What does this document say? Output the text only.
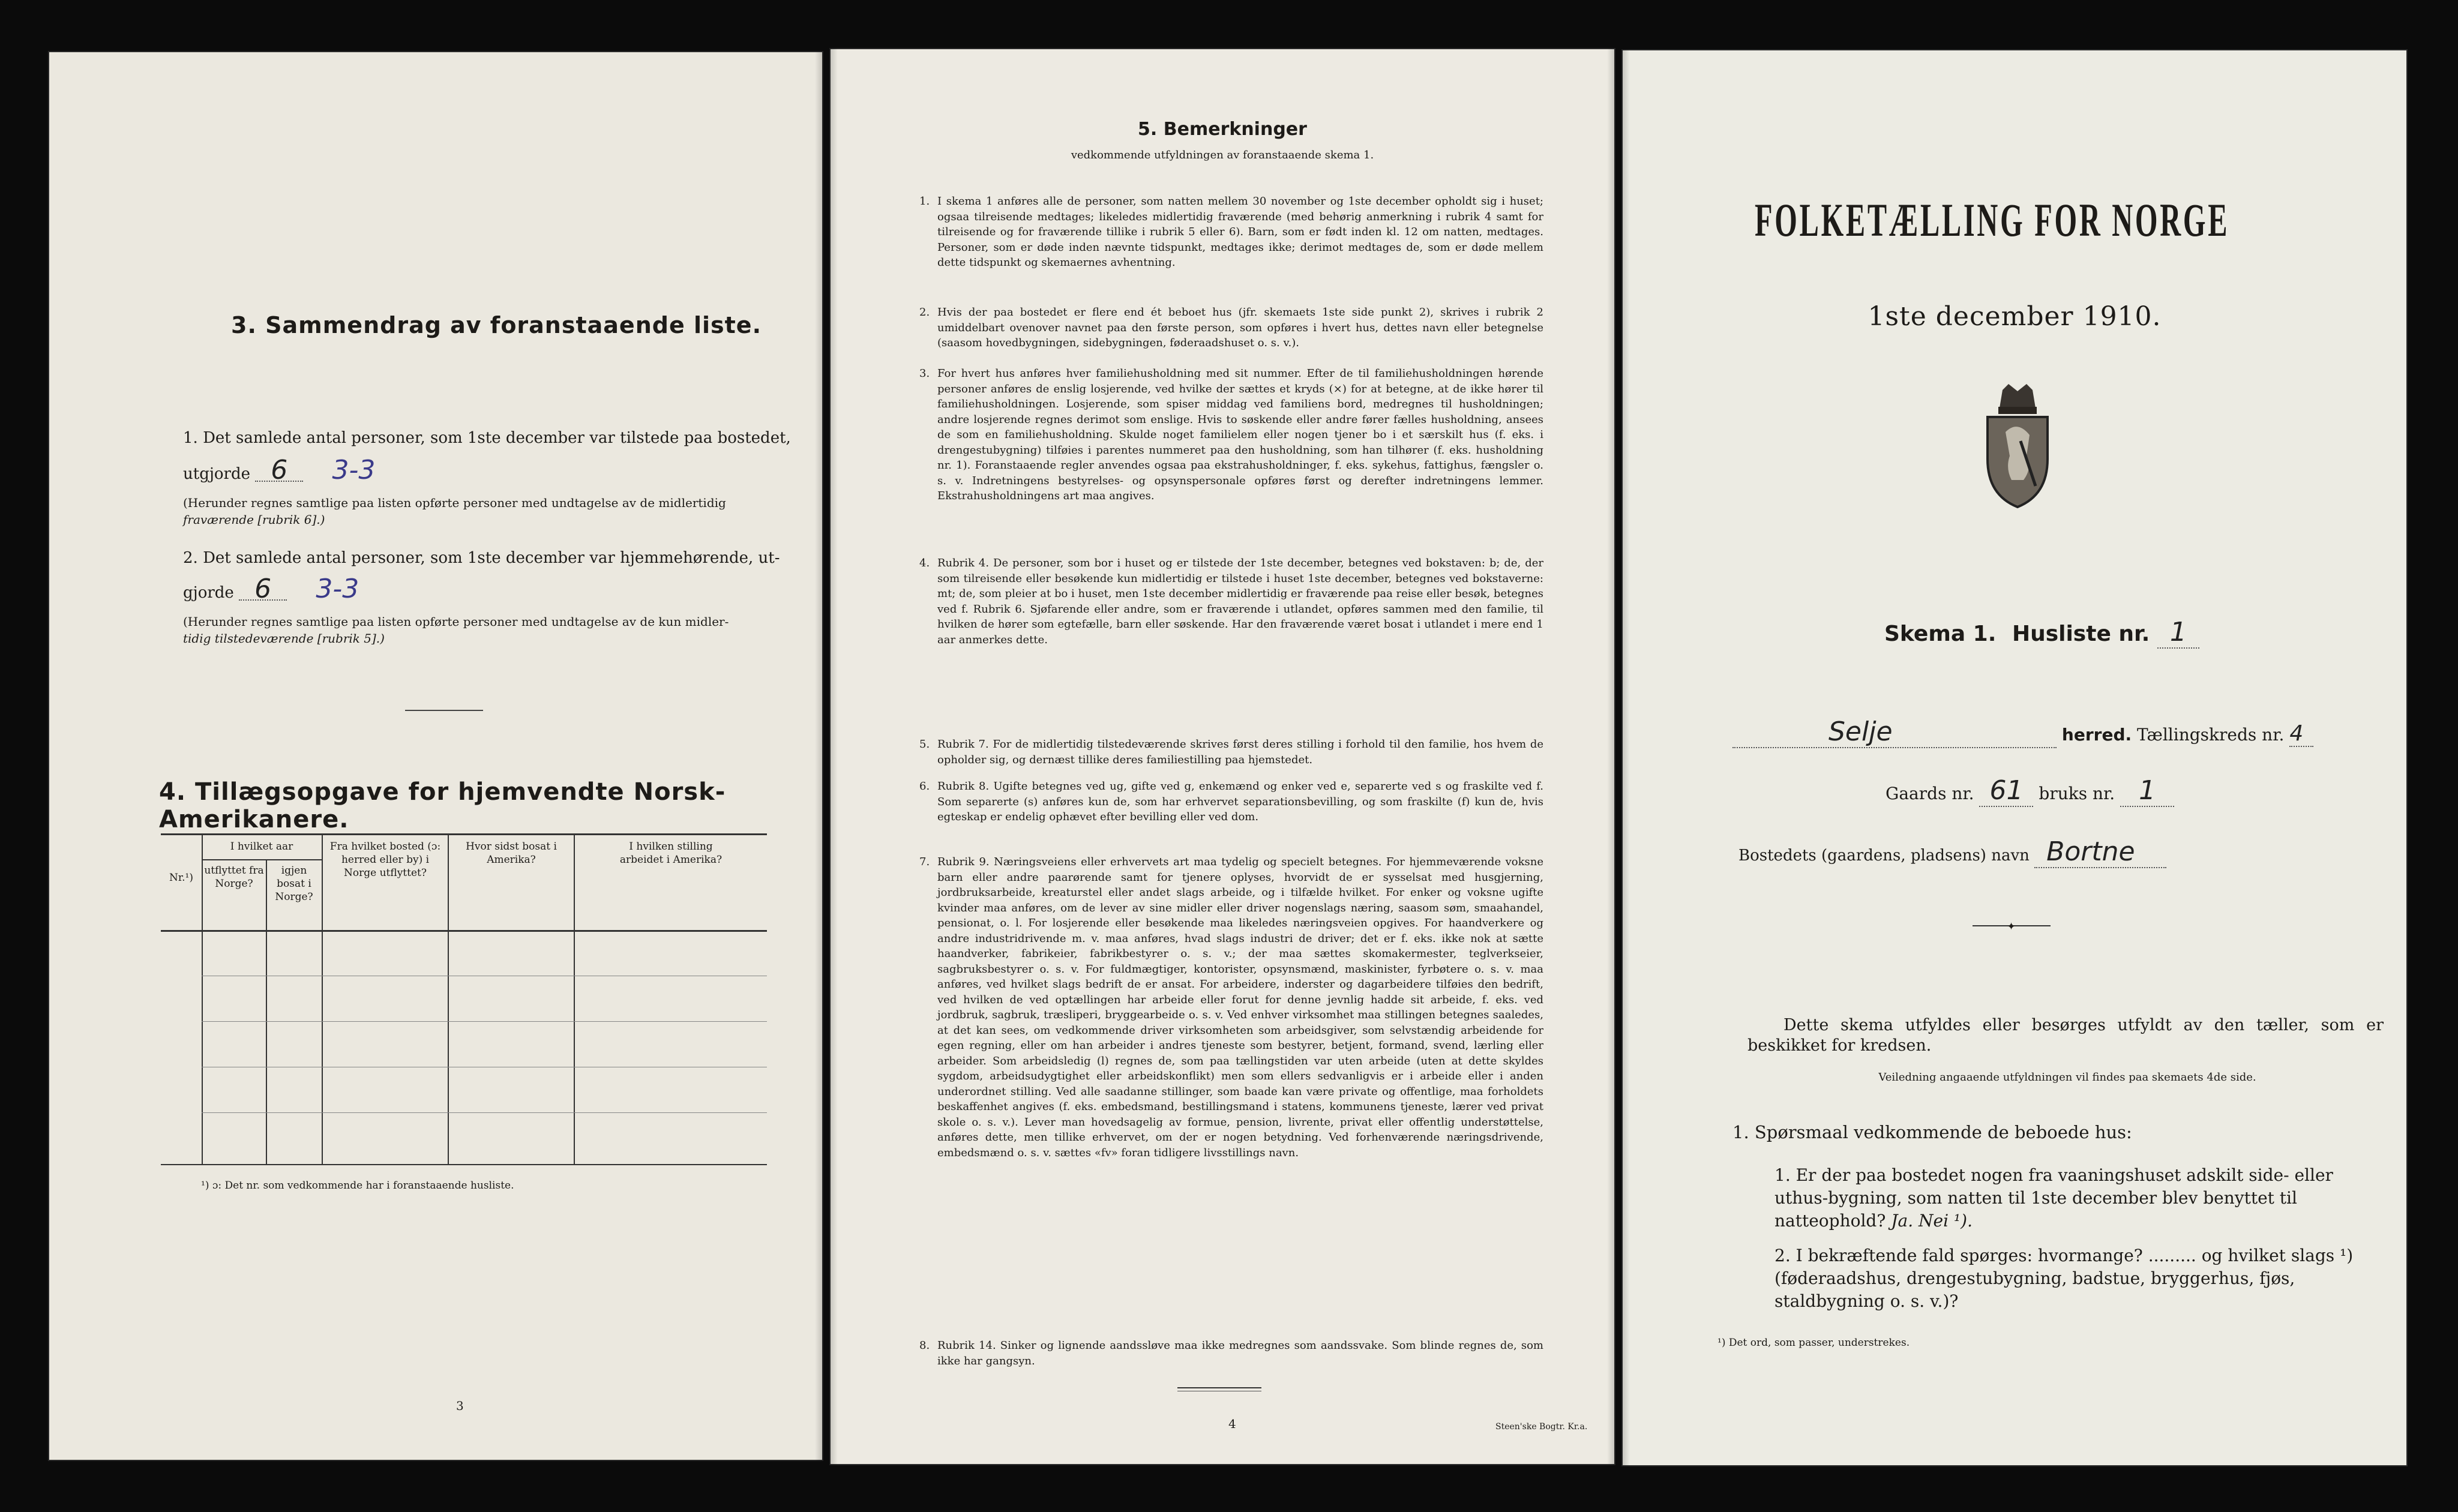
3. Sammendrag av foranstaaende liste.
1. Det samlede antal personer, som 1ste december var tilstede paa bostedet,
utgjorde 6 3-3
(Herunder regnes samtlige paa listen opførte personer med undtagelse av de midlertidig
fraværende [rubrik 6].)
2. Det samlede antal personer, som 1ste december var hjemmehørende, ut-
gjorde 6 3-3
(Herunder regnes samtlige paa listen opførte personer med undtagelse av de kun midler-
tidig tilstedeværende [rubrik 5].)
4. Tillægsopgave for hjemvendte Norsk-Amerikanere.
Nr.¹)
I hvilket aar
utflyttet fra Norge?
igjen bosat i Norge?
Fra hvilket bosted (ɔ: herred eller by) i Norge utflyttet?
Hvor sidst bosat i Amerika?
I hvilken stilling arbeidet i Amerika?
¹) ɔ: Det nr. som vedkommende har i foranstaaende husliste.
3
5. Bemerkninger
vedkommende utfyldningen av foranstaaende skema 1.
1. I skema 1 anføres alle de personer, som natten mellem 30 november og 1ste december opholdt sig i huset; ogsaa tilreisende medtages; likeledes midlertidig fraværende (med behørig anmerkning i rubrik 4 samt for tilreisende og for fraværende tillike i rubrik 5 eller 6). Barn, som er født inden kl. 12 om natten, medtages. Personer, som er døde inden nævnte tidspunkt, medtages ikke; derimot medtages de, som er døde mellem dette tidspunkt og skemaernes avhentning.
2. Hvis der paa bostedet er flere end ét beboet hus (jfr. skemaets 1ste side punkt 2), skrives i rubrik 2 umiddelbart ovenover navnet paa den første person, som opføres i hvert hus, dettes navn eller betegnelse (saasom hovedbygningen, sidebygningen, føderaadshuset o. s. v.).
3. For hvert hus anføres hver familiehusholdning med sit nummer. Efter de til familiehusholdningen hørende personer anføres de enslig losjerende, ved hvilke der sættes et kryds (×) for at betegne, at de ikke hører til familiehusholdningen. Losjerende, som spiser middag ved familiens bord, medregnes til husholdningen; andre losjerende regnes derimot som enslige. Hvis to søskende eller andre fører fælles husholdning, ansees de som en familiehusholdning. Skulde noget familielem eller nogen tjener bo i et særskilt hus (f. eks. i drengestubygning) tilføies i parentes nummeret paa den husholdning, som han tilhører (f. eks. husholdning nr. 1). Foranstaaende regler anvendes ogsaa paa ekstrahusholdninger, f. eks. sykehus, fattighus, fængsler o. s. v. Indretningens bestyrelses- og opsynspersonale opføres først og derefter indretningens lemmer. Ekstrahusholdningens art maa angives.
4. Rubrik 4. De personer, som bor i huset og er tilstede der 1ste december, betegnes ved bokstaven: b; de, der som tilreisende eller besøkende kun midlertidig er tilstede i huset 1ste december, betegnes ved bokstaverne: mt; de, som pleier at bo i huset, men 1ste december midlertidig er fraværende paa reise eller besøk, betegnes ved f. Rubrik 6. Sjøfarende eller andre, som er fraværende i utlandet, opføres sammen med den familie, til hvilken de hører som egtefælle, barn eller søskende. Har den fraværende været bosat i utlandet i mere end 1 aar anmerkes dette.
5. Rubrik 7. For de midlertidig tilstedeværende skrives først deres stilling i forhold til den familie, hos hvem de opholder sig, og dernæst tillike deres familiestilling paa hjemstedet.
6. Rubrik 8. Ugifte betegnes ved ug, gifte ved g, enkemænd og enker ved e, separerte ved s og fraskilte ved f. Som separerte (s) anføres kun de, som har erhvervet separationsbevilling, og som fraskilte (f) kun de, hvis egteskap er endelig ophævet efter bevilling eller ved dom.
7. Rubrik 9. Næringsveiens eller erhvervets art maa tydelig og specielt betegnes. For hjemmeværende voksne barn eller andre paarørende samt for tjenere oplyses, hvorvidt de er sysselsat med husgjerning, jordbruksarbeide, kreaturstel eller andet slags arbeide, og i tilfælde hvilket. For enker og voksne ugifte kvinder maa anføres, om de lever av sine midler eller driver nogenslags næring, saasom søm, smaahandel, pensionat, o. l. For losjerende eller besøkende maa likeledes næringsveien opgives. For haandverkere og andre industridrivende m. v. maa anføres, hvad slags industri de driver; det er f. eks. ikke nok at sætte haandverker, fabrikeier, fabrikbestyrer o. s. v.; der maa sættes skomakermester, teglverkseier, sagbruksbestyrer o. s. v. For fuldmægtiger, kontorister, opsynsmænd, maskinister, fyrbøtere o. s. v. maa anføres, ved hvilket slags bedrift de er ansat. For arbeidere, inderster og dagarbeidere tilføies den bedrift, ved hvilken de ved optællingen har arbeide eller forut for denne jevnlig hadde sit arbeide, f. eks. ved jordbruk, sagbruk, træsliperi, bryggearbeide o. s. v. Ved enhver virksomhet maa stillingen betegnes saaledes, at det kan sees, om vedkommende driver virksomheten som arbeidsgiver, som selvstændig arbeidende for egen regning, eller om han arbeider i andres tjeneste som bestyrer, betjent, formand, svend, lærling eller arbeider. Som arbeidsledig (l) regnes de, som paa tællingstiden var uten arbeide (uten at dette skyldes sygdom, arbeidsudygtighet eller arbeidskonflikt) men som ellers sedvanligvis er i arbeide eller i anden underordnet stilling. Ved alle saadanne stillinger, som baade kan være private og offentlige, maa forholdets beskaffenhet angives (f. eks. embedsmand, bestillingsmand i statens, kommunens tjeneste, lærer ved privat skole o. s. v.). Lever man hovedsagelig av formue, pension, livrente, privat eller offentlig understøttelse, anføres dette, men tillike erhvervet, om der er nogen betydning. Ved forhenværende næringsdrivende, embedsmænd o. s. v. sættes «fv» foran tidligere livsstillings navn.
8. Rubrik 14. Sinker og lignende aandssløve maa ikke medregnes som aandssvake. Som blinde regnes de, som ikke har gangsyn.
4	Steen'ske Bogtr. Kr.a.
FOLKETÆLLING FOR NORGE
1ste december 1910.
Skema 1. Husliste nr. 1
Selje	herred. Tællingskreds nr. 4
Gaards nr. 61 bruks nr. 1
Bostedets (gaardens, pladsens) navn Bortne
✦
Dette skema utfyldes eller besørges utfyldt av den tæller, som er beskikket for kredsen.
Veiledning angaaende utfyldningen vil findes paa skemaets 4de side.
1. Spørsmaal vedkommende de beboede hus:
1. Er der paa bostedet nogen fra vaaningshuset adskilt side- eller uthus-bygning, som natten til 1ste december blev benyttet til natteophold? Ja. Nei ¹).
2. I bekræftende fald spørges: hvormange? ......... og hvilket slags ¹) (føderaadshus, drengestubygning, badstue, bryggerhus, fjøs, staldbygning o. s. v.)?
¹) Det ord, som passer, understrekes.
